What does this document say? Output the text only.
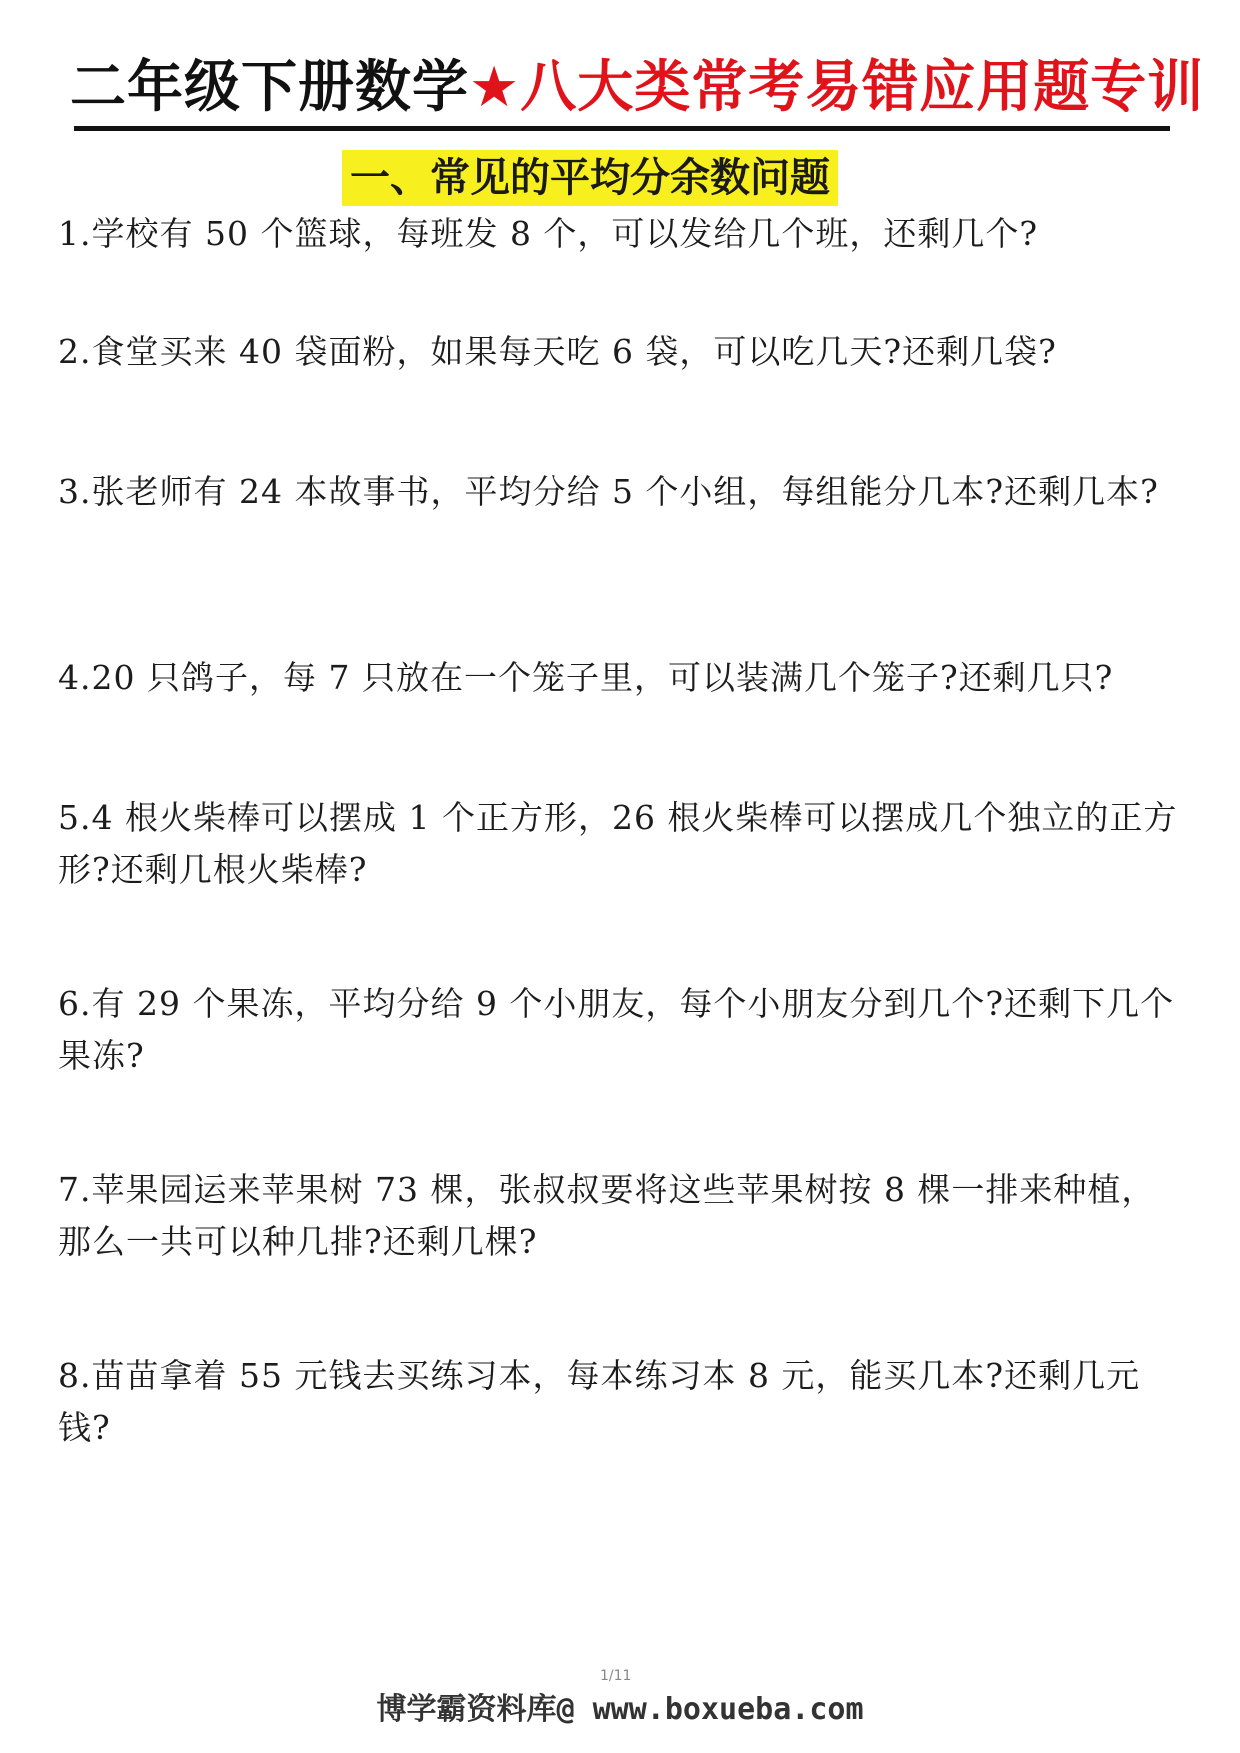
二年级下册数学★八大类常考易错应用题专训
一、常见的平均分余数问题
1.学校有 50 个篮球，每班发 8 个，可以发给几个班，还剩几个?
2.食堂买来 40 袋面粉，如果每天吃 6 袋，可以吃几天?还剩几袋?
3.张老师有 24 本故事书，平均分给 5 个小组，每组能分几本?还剩几本?
4.20 只鸽子，每 7 只放在一个笼子里，可以装满几个笼子?还剩几只?
5.4 根火柴棒可以摆成 1 个正方形，26 根火柴棒可以摆成几个独立的正方形?还剩几根火柴棒?
6.有 29 个果冻，平均分给 9 个小朋友，每个小朋友分到几个?还剩下几个果冻?
7.苹果园运来苹果树 73 棵，张叔叔要将这些苹果树按 8 棵一排来种植，那么一共可以种几排?还剩几棵?
8.苗苗拿着 55 元钱去买练习本，每本练习本 8 元，能买几本?还剩几元钱?
1/11
博学霸资料库@ www.boxueba.com
